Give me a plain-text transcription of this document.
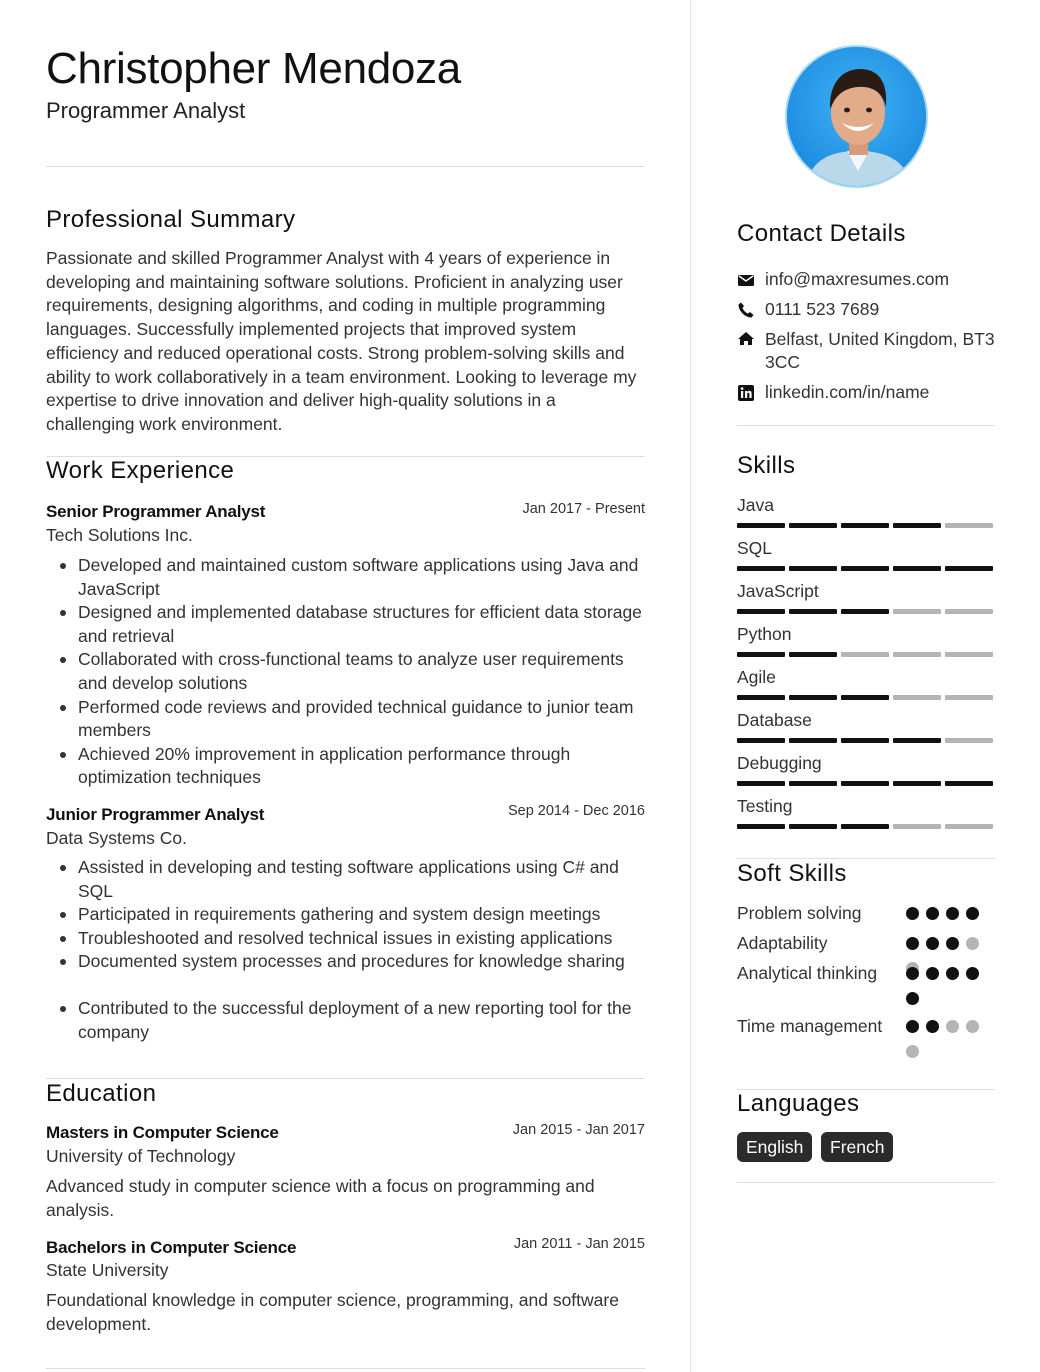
Christopher Mendoza
Programmer Analyst
Professional Summary
Passionate and skilled Programmer Analyst with 4 years of experience in developing and maintaining software solutions. Proficient in analyzing user requirements, designing algorithms, and coding in multiple programming languages. Successfully implemented projects that improved system efficiency and reduced operational costs. Strong problem-solving skills and ability to work collaboratively in a team environment. Looking to leverage my expertise to drive innovation and deliver high-quality solutions in a challenging work environment.
Work Experience
Senior Programmer Analyst	Jan 2017 - Present
Tech Solutions Inc.
Developed and maintained custom software applications using Java and JavaScript
Designed and implemented database structures for efficient data storage and retrieval
Collaborated with cross-functional teams to analyze user requirements and develop solutions
Performed code reviews and provided technical guidance to junior team members
Achieved 20% improvement in application performance through optimization techniques
Junior Programmer Analyst	Sep 2014 - Dec 2016
Data Systems Co.
Assisted in developing and testing software applications using C# and SQL
Participated in requirements gathering and system design meetings
Troubleshooted and resolved technical issues in existing applications
Documented system processes and procedures for knowledge sharing
Contributed to the successful deployment of a new reporting tool for the company
Education
Masters in Computer Science	Jan 2015 - Jan 2017
University of Technology
Advanced study in computer science with a focus on programming and analysis.
Bachelors in Computer Science	Jan 2011 - Jan 2015
State University
Foundational knowledge in computer science, programming, and software development.
Contact Details
info@maxresumes.com
0111 523 7689
Belfast, United Kingdom, BT3 3CC
linkedin.com/in/name
Skills
Java
SQL
JavaScript
Python
Agile
Database
Debugging
Testing
Soft Skills
Problem solving
Adaptability
Analytical thinking
Time management
Languages
English	French
